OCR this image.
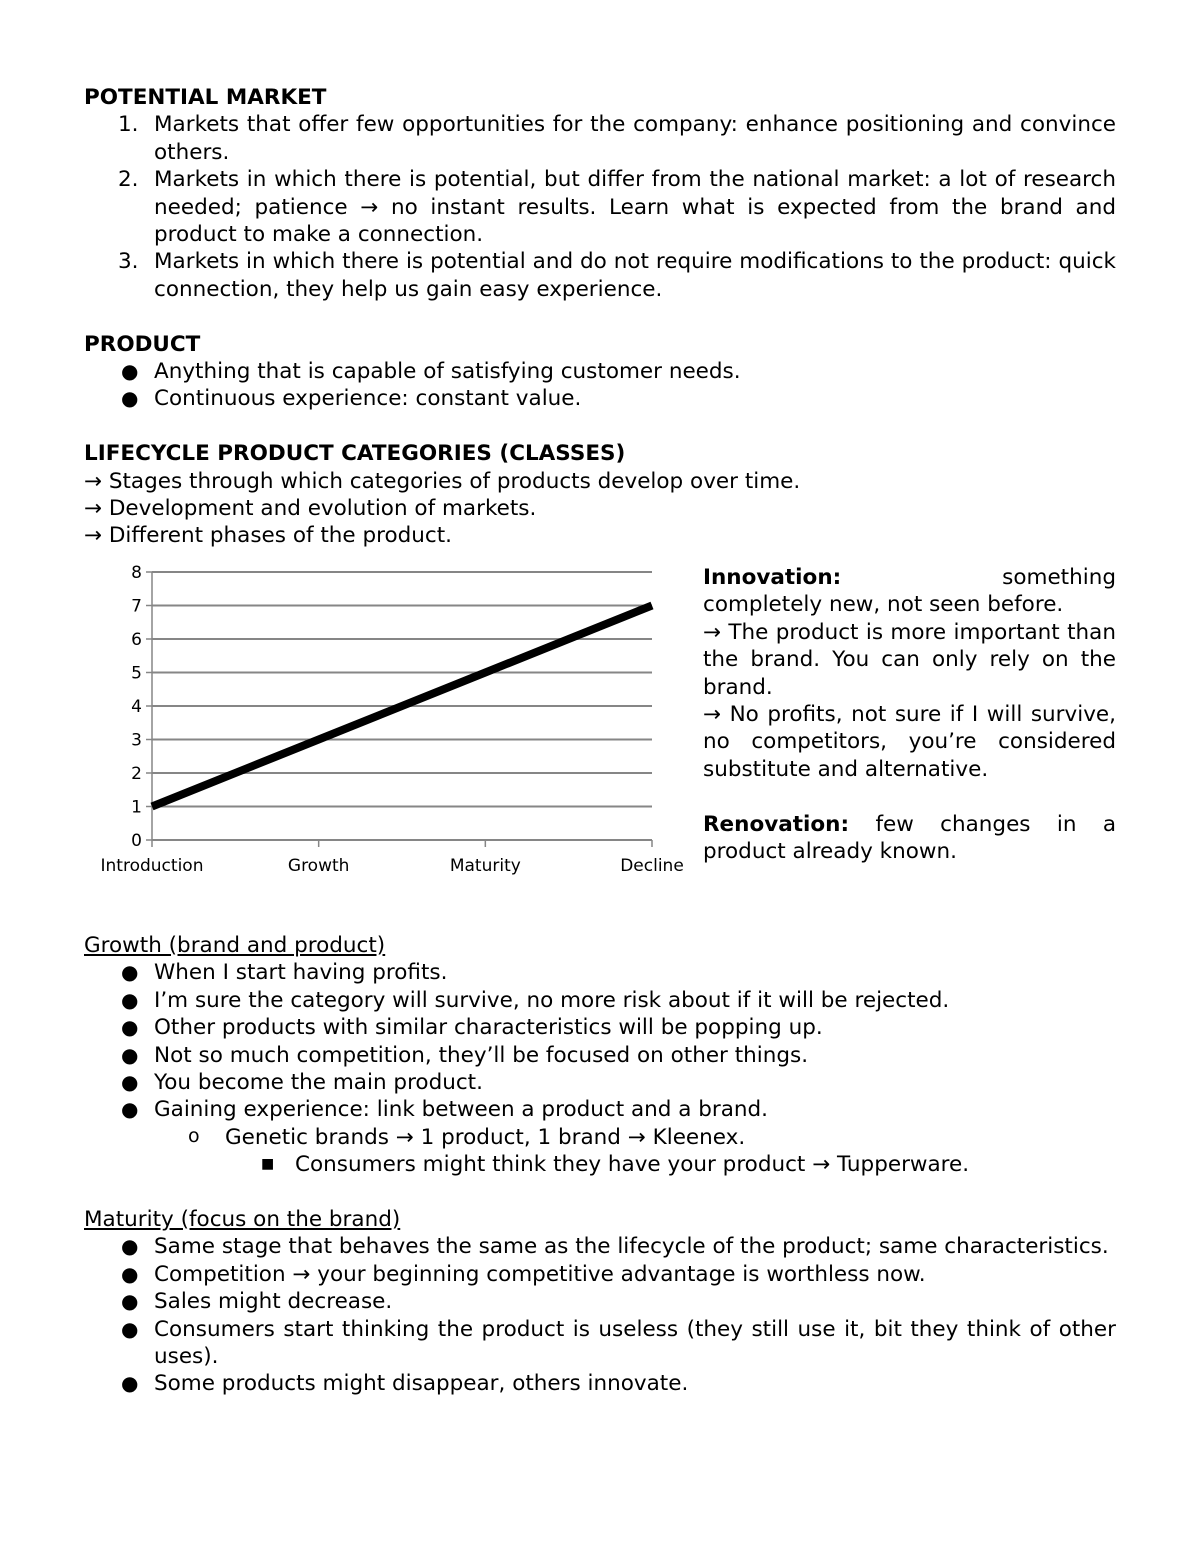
POTENTIAL MARKET
1. Markets that offer few opportunities for the company: enhance positioning and convince others.
2. Markets in which there is potential, but differ from the national market: a lot of research needed; patience → no instant results. Learn what is expected from the brand and product to make a connection.
3. Markets in which there is potential and do not require modifications to the product: quick connection, they help us gain easy experience.
PRODUCT
● Anything that is capable of satisfying customer needs.
● Continuous experience: constant value.
LIFECYCLE PRODUCT CATEGORIES (CLASSES)

→ Stages through which categories of products develop over time.

→ Development and evolution of markets.

→ Different phases of the product.

0
1
2
3
4
5
6
7
8
Introduction	Growth	Maturity	Decline

Innovation:	something

completely new, not seen before.

→ The product is more important than the brand. You can only rely on the brand.

→ No profits, not sure if I will survive, no competitors, you’re considered substitute and alternative.

Renovation: few changes in a product already known.

Growth (brand and product)
● When I start having profits.
● I’m sure the category will survive, no more risk about if it will be rejected.
● Other products with similar characteristics will be popping up.
● Not so much competition, they’ll be focused on other things.
● You become the main product.
● Gaining experience: link between a product and a brand.
o Genetic brands → 1 product, 1 brand → Kleenex.
■ Consumers might think they have your product → Tupperware.
Maturity (focus on the brand)
● Same stage that behaves the same as the lifecycle of the product; same characteristics.
● Competition → your beginning competitive advantage is worthless now.
● Sales might decrease.
● Consumers start thinking the product is useless (they still use it, bit they think of other uses).
● Some products might disappear, others innovate.
